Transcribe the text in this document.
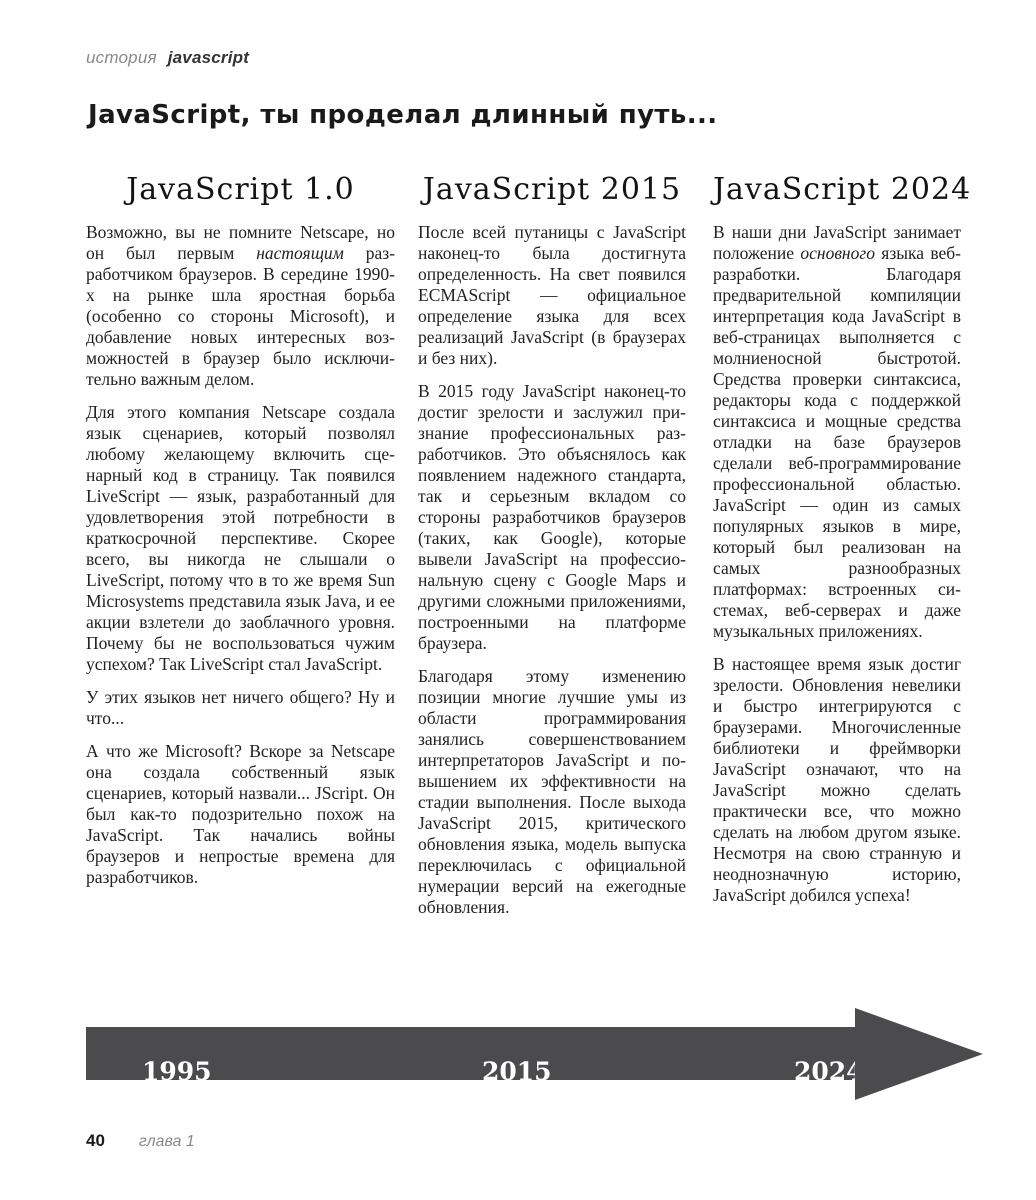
история javascript
JavaScript, ты проделал длинный путь...
JavaScript 1.0

Возможно, вы не помните Netscape, но он был первым настоящим разработчиком браузеров. В середине 1990-х на рынке шла яростная борьба (особенно со стороны Microsoft), и добавление новых интересных возможностей в браузер было исключительно важным делом.

Для этого компания Netscape создала язык сценариев, который позволял любому желающему включить сценарный код в страницу. Так появился LiveScript — язык, разработанный для удовлетворения этой потребности в краткосрочной перспективе. Скорее всего, вы никогда не слышали о LiveScript, потому что в то же время Sun Microsystems представила язык Java, и ее акции взлетели до заоблачного уровня. Почему бы не воспользоваться чужим успехом? Так LiveScript стал JavaScript.

У этих языков нет ничего общего? Ну и что...

А что же Microsoft? Вскоре за Netscape она создала собственный язык сценариев, который назвали... JScript. Он был как-то подозрительно похож на JavaScript. Так начались войны браузеров и непростые времена для разработчиков.

JavaScript 2015

После всей путаницы с JavaScript наконец-то была достигнута определенность. На свет появился ECMAScript — официальное определение языка для всех реализаций JavaScript (в браузерах и без них).

В 2015 году JavaScript наконец-то достиг зрелости и заслужил признание профессиональных разработчиков. Это объяснялось как появлением надежного стандарта, так и серьезным вкладом со стороны разработчиков браузеров (таких, как Google), которые вывели JavaScript на профессиональную сцену с Google Maps и другими сложными приложениями, построенными на платформе браузера.

Благодаря этому изменению позиции многие лучшие умы из области программирования занялись совершенствованием интерпретаторов JavaScript и повышением их эффективности на стадии выполнения. После выхода JavaScript 2015, критического обновления языка, модель выпуска переключилась с официальной нумерации версий на ежегодные обновления.

JavaScript 2024

В наши дни JavaScript занимает положение основного языка веб-разработки. Благодаря предварительной компиляции интерпретация кода JavaScript в веб-страницах выполняется с молниеносной быстротой. Средства проверки синтаксиса, редакторы кода с поддержкой синтаксиса и мощные средства отладки на базе браузеров сделали веб-программирование профессиональной областью. JavaScript — один из самых популярных языков в мире, который был реализован на самых разнообразных платформах: встроенных системах, веб-серверах и даже музыкальных приложениях.

В настоящее время язык достиг зрелости. Обновления невелики и быстро интегрируются с браузерами. Многочисленные библиотеки и фреймворки JavaScript означают, что на JavaScript можно сделать практически все, что можно сделать на любом другом языке. Несмотря на свою странную и неоднозначную историю, JavaScript добился успеха!

1995	2015	2024
40 глава 1
